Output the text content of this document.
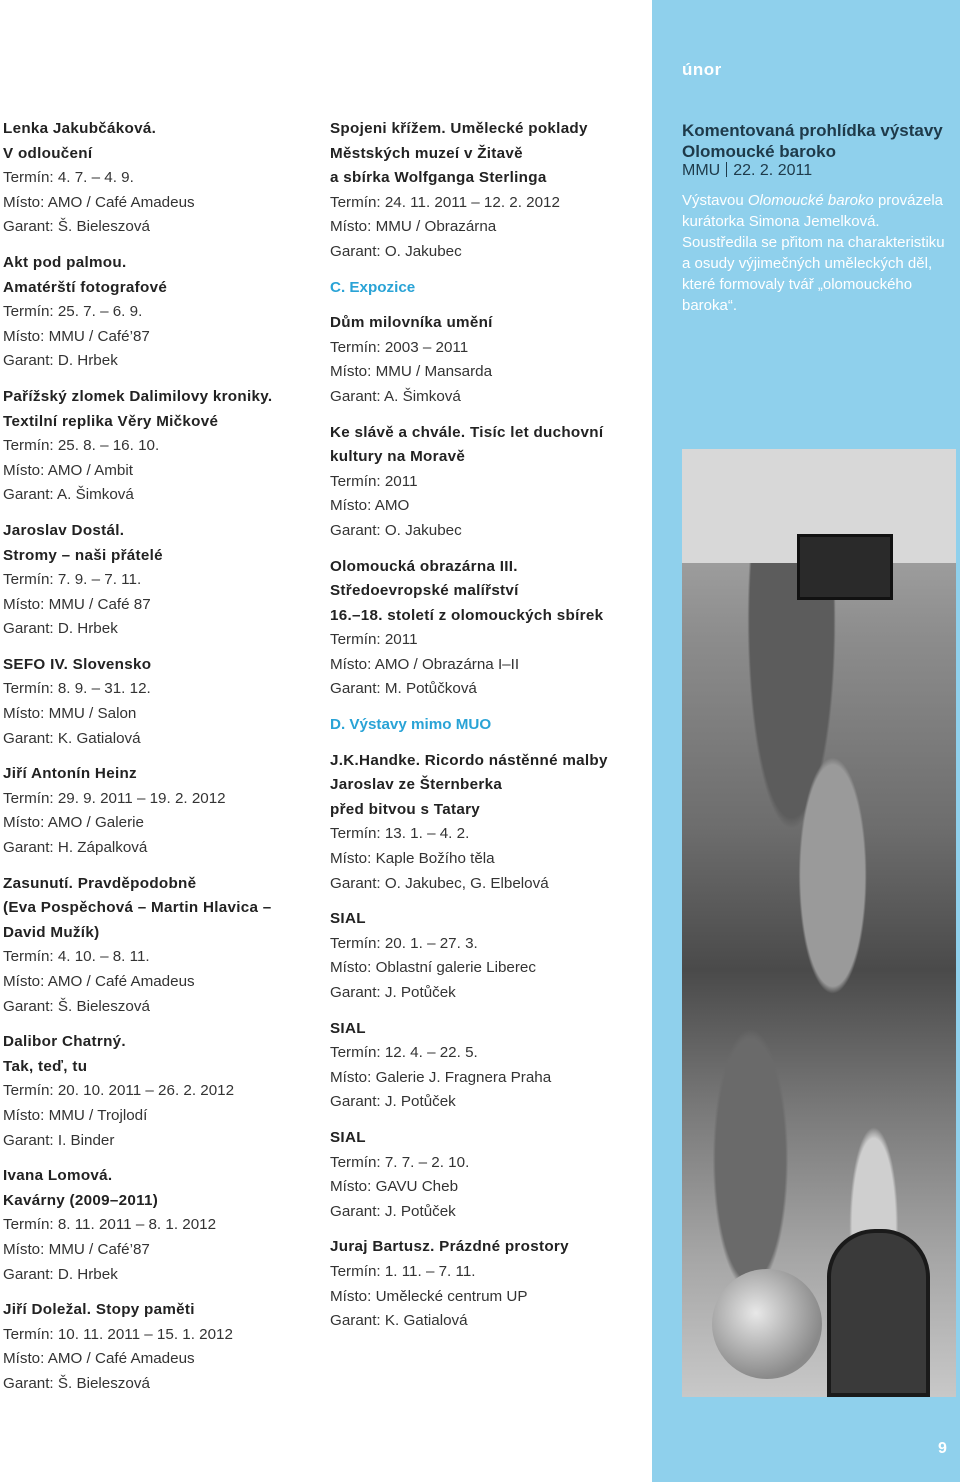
Lenka Jakubčáková.
V odloučení
Termín: 4. 7. – 4. 9.
Místo: AMO / Café Amadeus
Garant: Š. Bieleszová
Akt pod palmou.
Amatérští fotografové
Termín: 25. 7. – 6. 9.
Místo: MMU / Café’87
Garant: D. Hrbek
Pařížský zlomek Dalimilovy kroniky.
Textilní replika Věry Mičkové
Termín: 25. 8. – 16. 10.
Místo: AMO / Ambit
Garant: A. Šimková
Jaroslav Dostál.
Stromy – naši přátelé
Termín: 7. 9. – 7. 11.
Místo: MMU / Café 87
Garant: D. Hrbek
SEFO IV. Slovensko
Termín: 8. 9. – 31. 12.
Místo: MMU / Salon
Garant: K. Gatialová
Jiří Antonín Heinz
Termín: 29. 9. 2011 – 19. 2. 2012
Místo: AMO / Galerie
Garant: H. Zápalková
Zasunutí. Pravděpodobně
(Eva Pospěchová – Martin Hlavica –
David Mužík)
Termín: 4. 10. – 8. 11.
Místo: AMO / Café Amadeus
Garant: Š. Bieleszová
Dalibor Chatrný.
Tak, teď, tu
Termín: 20. 10. 2011 – 26. 2. 2012
Místo: MMU / Trojlodí
Garant: I. Binder
Ivana Lomová.
Kavárny (2009–2011)
Termín: 8. 11. 2011 – 8. 1. 2012
Místo: MMU / Café’87
Garant: D. Hrbek
Jiří Doležal. Stopy paměti
Termín: 10. 11. 2011 – 15. 1. 2012
Místo: AMO / Café Amadeus
Garant: Š. Bieleszová
Spojeni křížem. Umělecké poklady
Městských muzeí v Žitavě
a sbírka Wolfganga Sterlinga
Termín: 24. 11. 2011 – 12. 2. 2012
Místo: MMU / Obrazárna
Garant: O. Jakubec
C. Expozice
Dům milovníka umění
Termín: 2003 – 2011
Místo: MMU / Mansarda
Garant: A. Šimková
Ke slávě a chvále. Tisíc let duchovní
kultury na Moravě
Termín: 2011
Místo: AMO
Garant: O. Jakubec
Olomoucká obrazárna III.
Středoevropské malířství
16.–18. století z olomouckých sbírek
Termín: 2011
Místo: AMO / Obrazárna I–II
Garant: M. Potůčková
D. Výstavy mimo MUO
J.K.Handke. Ricordo nástěnné malby
Jaroslav ze Šternberka
před bitvou s Tatary
Termín: 13. 1. – 4. 2.
Místo: Kaple Božího těla
Garant: O. Jakubec, G. Elbelová
SIAL
Termín: 20. 1. – 27. 3.
Místo: Oblastní galerie Liberec
Garant: J. Potůček
SIAL
Termín: 12. 4. – 22. 5.
Místo: Galerie J. Fragnera Praha
Garant: J. Potůček
SIAL
Termín: 7. 7. – 2. 10.
Místo: GAVU Cheb
Garant: J. Potůček
Juraj Bartusz. Prázdné prostory
Termín: 1. 11. – 7. 11.
Místo: Umělecké centrum UP
Garant: K. Gatialová
únor
Komentovaná prohlídka výstavy Olomoucké baroko
MMU 22. 2. 2011
Výstavou Olomoucké baroko provázela kurátorka Simona Jemelková. Soustředila se přitom na charakteristiku a osudy výjimečných uměleckých děl, které formovaly tvář „olomouckého baroka“.
9
